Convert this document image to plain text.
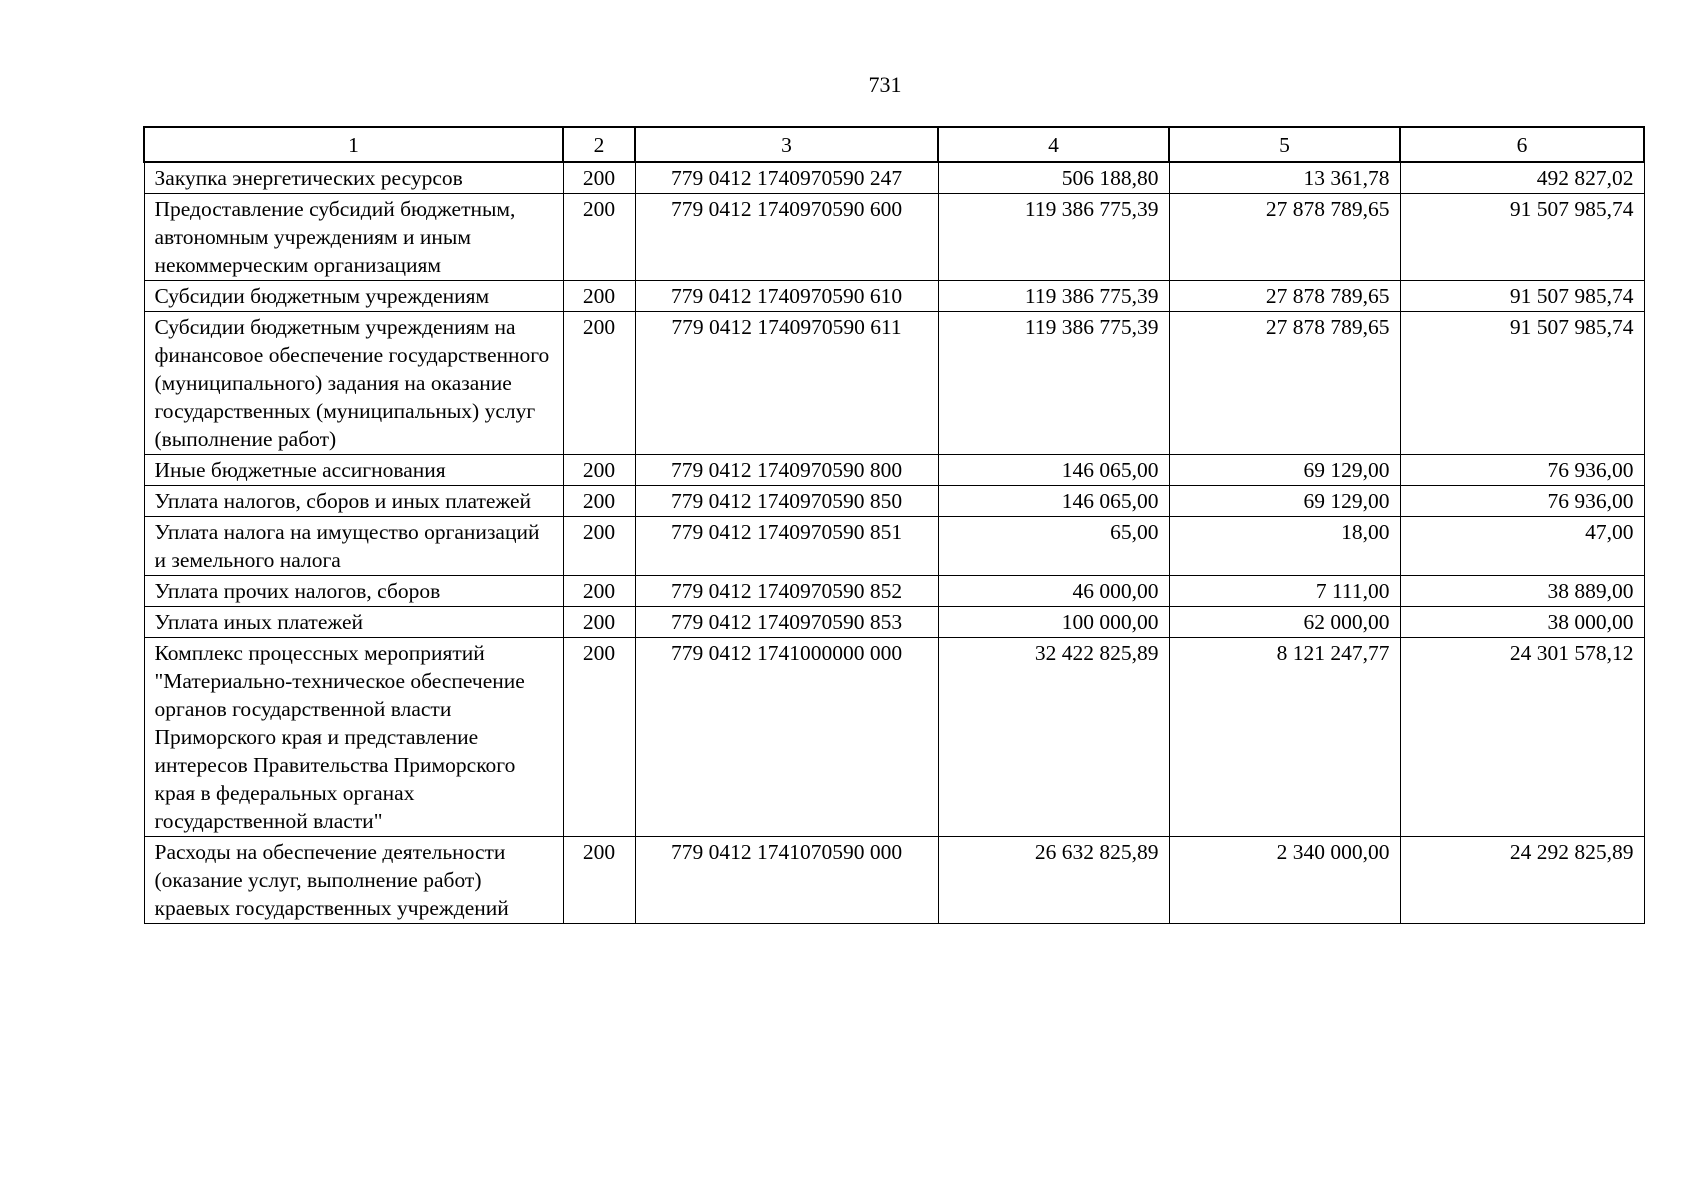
731
1	2	3	4	5	6
Закупка энергетических ресурсов	200	779 0412 1740970590 247	506 188,80	13 361,78	492 827,02
Предоставление субсидий бюджетным, автономным учреждениям и иным некоммерческим организациям	200	779 0412 1740970590 600	119 386 775,39	27 878 789,65	91 507 985,74
Субсидии бюджетным учреждениям	200	779 0412 1740970590 610	119 386 775,39	27 878 789,65	91 507 985,74
Субсидии бюджетным учреждениям на финансовое обеспечение государственного (муниципального) задания на оказание государственных (муниципальных) услуг (выполнение работ)	200	779 0412 1740970590 611	119 386 775,39	27 878 789,65	91 507 985,74
Иные бюджетные ассигнования	200	779 0412 1740970590 800	146 065,00	69 129,00	76 936,00
Уплата налогов, сборов и иных платежей	200	779 0412 1740970590 850	146 065,00	69 129,00	76 936,00
Уплата налога на имущество организаций и земельного налога	200	779 0412 1740970590 851	65,00	18,00	47,00
Уплата прочих налогов, сборов	200	779 0412 1740970590 852	46 000,00	7 111,00	38 889,00
Уплата иных платежей	200	779 0412 1740970590 853	100 000,00	62 000,00	38 000,00
Комплекс процессных мероприятий "Материально-техническое обеспечение органов государственной власти Приморского края и представление интересов Правительства Приморского края в федеральных органах государственной власти"	200	779 0412 1741000000 000	32 422 825,89	8 121 247,77	24 301 578,12
Расходы на обеспечение деятельности (оказание услуг, выполнение работ) краевых государственных учреждений	200	779 0412 1741070590 000	26 632 825,89	2 340 000,00	24 292 825,89
